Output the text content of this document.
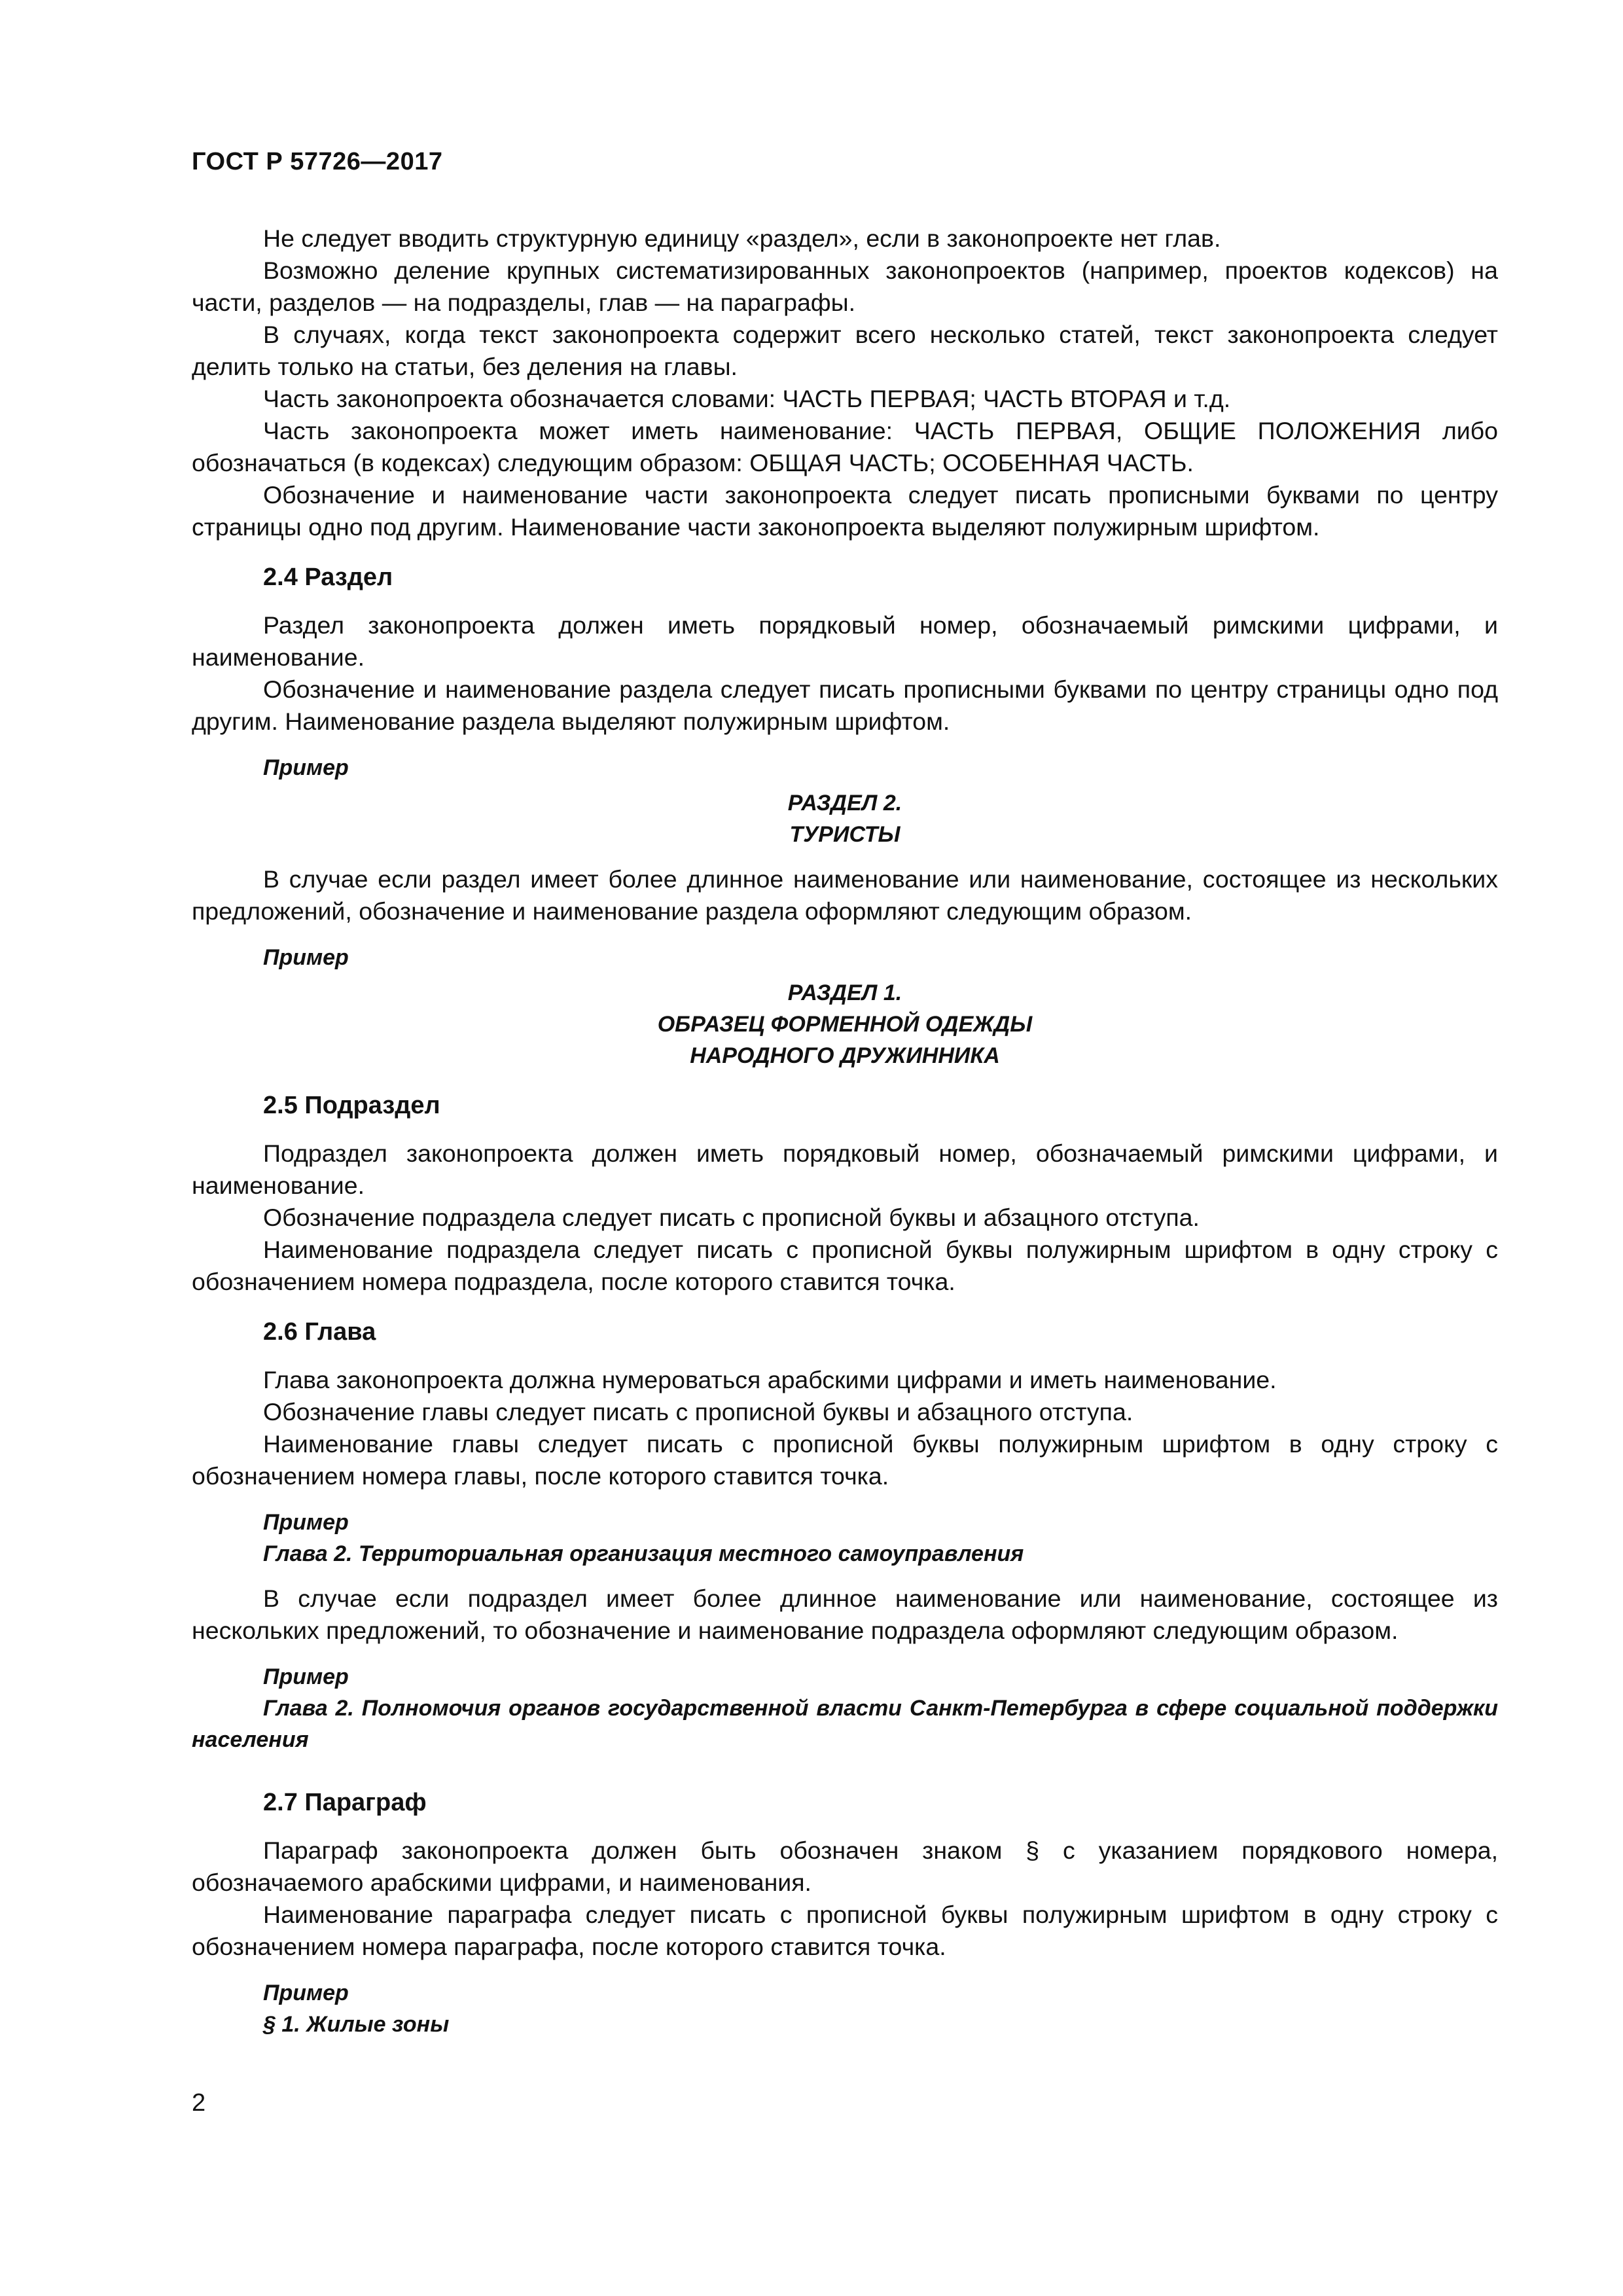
ГОСТ Р 57726—2017

Не следует вводить структурную единицу «раздел», если в законопроекте нет глав.

Возможно деление крупных систематизированных законопроектов (например, проектов кодексов) на части, разделов — на подразделы, глав — на параграфы.

В случаях, когда текст законопроекта содержит всего несколько статей, текст законопроекта следует делить только на статьи, без деления на главы.

Часть законопроекта обозначается словами: ЧАСТЬ ПЕРВАЯ; ЧАСТЬ ВТОРАЯ и т.д.

Часть законопроекта может иметь наименование: ЧАСТЬ ПЕРВАЯ, ОБЩИЕ ПОЛОЖЕНИЯ либо обозначаться (в кодексах) следующим образом: ОБЩАЯ ЧАСТЬ; ОСОБЕННАЯ ЧАСТЬ.

Обозначение и наименование части законопроекта следует писать прописными буквами по центру страницы одно под другим. Наименование части законопроекта выделяют полужирным шрифтом.

2.4 Раздел

Раздел законопроекта должен иметь порядковый номер, обозначаемый римскими цифрами, и наименование.

Обозначение и наименование раздела следует писать прописными буквами по центру страницы одно под другим. Наименование раздела выделяют полужирным шрифтом.

Пример
РАЗДЕЛ 2.
ТУРИСТЫ

В случае если раздел имеет более длинное наименование или наименование, состоящее из нескольких предложений, обозначение и наименование раздела оформляют следующим образом.

Пример
РАЗДЕЛ 1.
ОБРАЗЕЦ ФОРМЕННОЙ ОДЕЖДЫ
НАРОДНОГО ДРУЖИННИКА
2.5 Подраздел

Подраздел законопроекта должен иметь порядковый номер, обозначаемый римскими цифрами, и наименование.

Обозначение подраздела следует писать с прописной буквы и абзацного отступа.

Наименование подраздела следует писать с прописной буквы полужирным шрифтом в одну строку с обозначением номера подраздела, после которого ставится точка.

2.6 Глава

Глава законопроекта должна нумероваться арабскими цифрами и иметь наименование.

Обозначение главы следует писать с прописной буквы и абзацного отступа.

Наименование главы следует писать с прописной буквы полужирным шрифтом в одну строку с обозначением номера главы, после которого ставится точка.

Пример

Глава 2. Территориальная организация местного самоуправления

В случае если подраздел имеет более длинное наименование или наименование, состоящее из нескольких предложений, то обозначение и наименование подраздела оформляют следующим образом.

Пример

Глава 2. Полномочия органов государственной власти Санкт-Петербурга в сфере социальной поддержки населения

2.7 Параграф

Параграф законопроекта должен быть обозначен знаком § с указанием порядкового номера, обозначаемого арабскими цифрами, и наименования.

Наименование параграфа следует писать с прописной буквы полужирным шрифтом в одну строку с обозначением номера параграфа, после которого ставится точка.

Пример

§ 1. Жилые зоны

2
